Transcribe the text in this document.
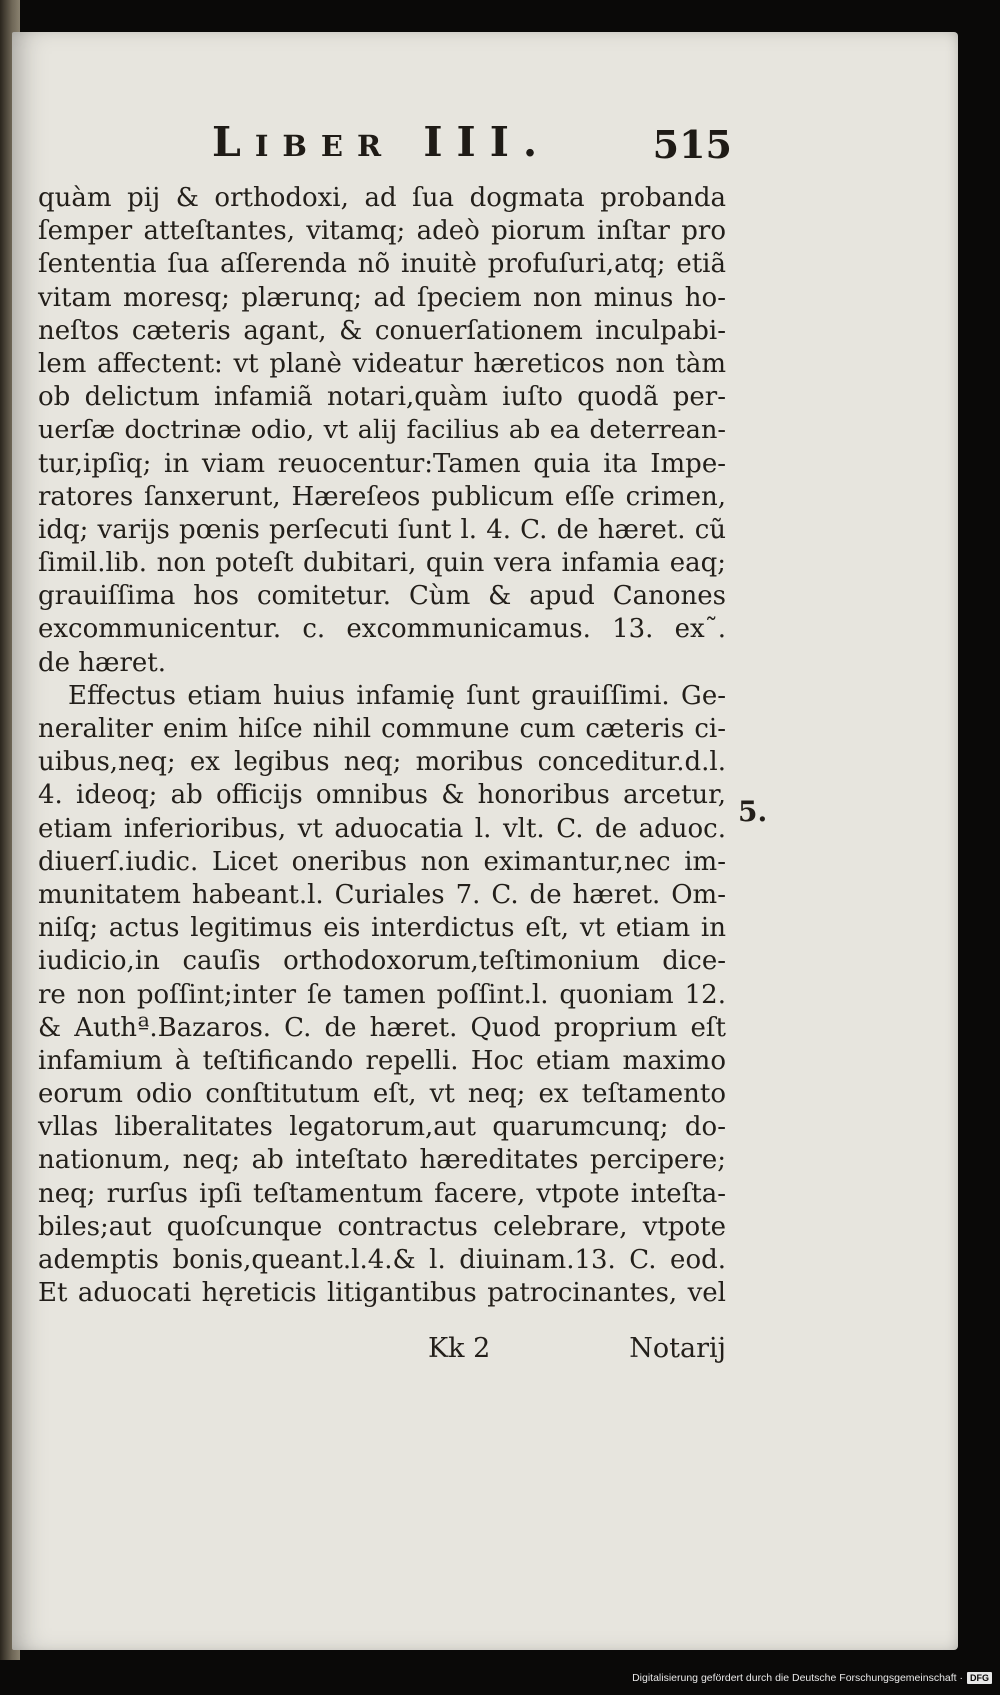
Liber III.	515
quàm pij & orthodoxi, ad ſua dogmata probanda
ſemper atteſtantes, vitamq; adeò piorum inſtar pro
ſententia ſua aſſerenda nõ inuitè profuſuri,atq; etiã
vitam moresq; plærunq; ad ſpeciem non minus ho-
neſtos cæteris agant, & conuerſationem inculpabi-
lem affectent: vt planè videatur hæreticos non tàm
ob delictum infamiã notari,quàm iuſto quodã per-
uerſæ doctrinæ odio, vt alij facilius ab ea deterrean-
tur,ipſiq; in viam reuocentur:Tamen quia ita Impe-
ratores ſanxerunt, Hæreſeos publicum eſſe crimen,
idq; varijs pœnis perſecuti ſunt l. 4. C. de hæret. cũ
ſimil.lib. non poteſt dubitari, quin vera infamia eaq;
grauiſſima hos comitetur. Cùm & apud Canones
excommunicentur. c. excommunicamus. 13. ex˜.
de hæret.
Effectus etiam huius infamię ſunt grauiſſimi. Ge-
neraliter enim hiſce nihil commune cum cæteris ci-
uibus,neq; ex legibus neq; moribus conceditur.d.l.
4. ideoq; ab officijs omnibus & honoribus arcetur,
etiam inferioribus, vt aduocatia l. vlt. C. de aduoc.
diuerſ.iudic. Licet oneribus non eximantur,nec im-
munitatem habeant.l. Curiales 7. C. de hæret. Om-
niſq; actus legitimus eis interdictus eſt, vt etiam in
iudicio,in cauſis orthodoxorum,teſtimonium dice-
re non poſſint;inter ſe tamen poſſint.l. quoniam 12.
& Authª.Bazaros. C. de hæret. Quod proprium eſt
infamium à teſtificando repelli. Hoc etiam maximo
eorum odio conſtitutum eſt, vt neq; ex teſtamento
vllas liberalitates legatorum,aut quarumcunq; do-
nationum, neq; ab inteſtato hæreditates percipere;
neq; rurſus ipſi teſtamentum facere, vtpote inteſta-
biles;aut quoſcunque contractus celebrare, vtpote
ademptis bonis,queant.l.4.& l. diuinam.13. C. eod.
Et aduocati hęreticis litigantibus patrocinantes, vel
5.
Kk 2	Notarij
Digitalisierung gefördert durch die Deutsche Forschungsgemeinschaft · DFG
